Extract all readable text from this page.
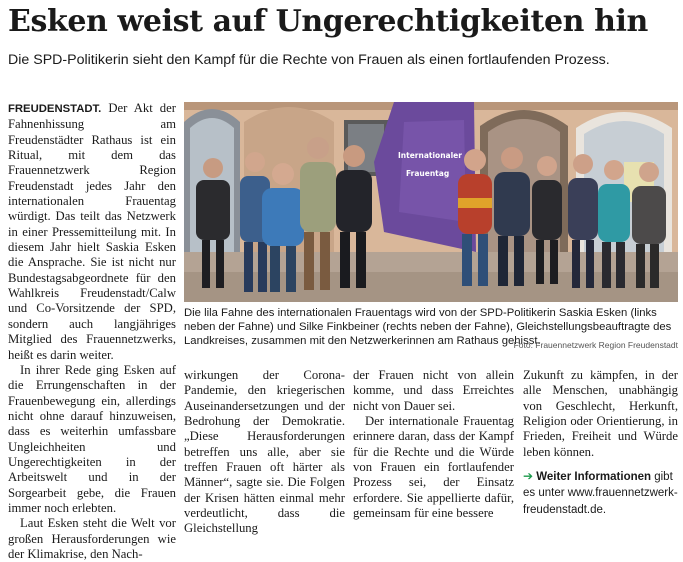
Esken weist auf Ungerechtigkeiten hin

Die SPD-Politikerin sieht den Kampf für die Rechte von Frauen als einen fortlaufenden Prozess.

FREUDENSTADT. Der Akt der Fahnenhissung am Freudenstädter Rathaus ist ein Ritual, mit dem das Frauennetzwerk Region Freudenstadt jedes Jahr den internationalen Frauentag würdigt. Das teilt das Netzwerk in einer Pressemitteilung mit. In diesem Jahr hielt Saskia Esken die Ansprache. Sie ist nicht nur Bundestagsabgeordnete für den Wahlkreis Freudenstadt/Calw und Co-Vorsitzende der SPD, sondern auch langjähriges Mitglied des Frauennetzwerks, heißt es darin weiter.

In ihrer Rede ging Esken auf die Errungenschaften in der Frauenbewegung ein, allerdings nicht ohne darauf hinzuweisen, dass es weiterhin umfassbare Ungleichheiten und Ungerechtigkeiten in der Arbeitswelt und in der Sorgearbeit gebe, die Frauen immer noch erlebten.

Laut Esken steht die Welt vor großen Herausforderungen wie der Klimakrise, den Nach-

Internationaler
Frauentag

Die lila Fahne des internationalen Frauentags wird von der SPD-Politikerin Saskia Esken (links neben der Fahne) und Silke Finkbeiner (rechts neben der Fahne), Gleichstellungsbeauftragte des Landkreises, zusammen mit den Netzwerkerinnen am Rathaus gehisst.

Foto: Frauennetzwerk Region Freudenstadt

wirkungen der Corona-Pandemie, den kriegerischen Auseinandersetzungen und der Bedrohung der Demokratie. „Diese Herausforderungen betreffen uns alle, aber sie treffen Frauen oft härter als Männer“, sagte sie. Die Folgen der Krisen hätten einmal mehr verdeutlicht, dass die Gleichstellung

der Frauen nicht von allein komme, und dass Erreichtes nicht von Dauer sei.

Der internationale Frauentag erinnere daran, dass der Kampf für die Rechte und die Würde von Frauen ein fortlaufender Prozess sei, der Einsatz erfordere. Sie appellierte dafür, gemeinsam für eine bessere

Zukunft zu kämpfen, in der alle Menschen, unabhängig von Geschlecht, Herkunft, Religion oder Orientierung, in Frieden, Freiheit und Würde leben können.

➔ Weiter Informationen gibt es unter www.frauennetzwerk-freudenstadt.de.
